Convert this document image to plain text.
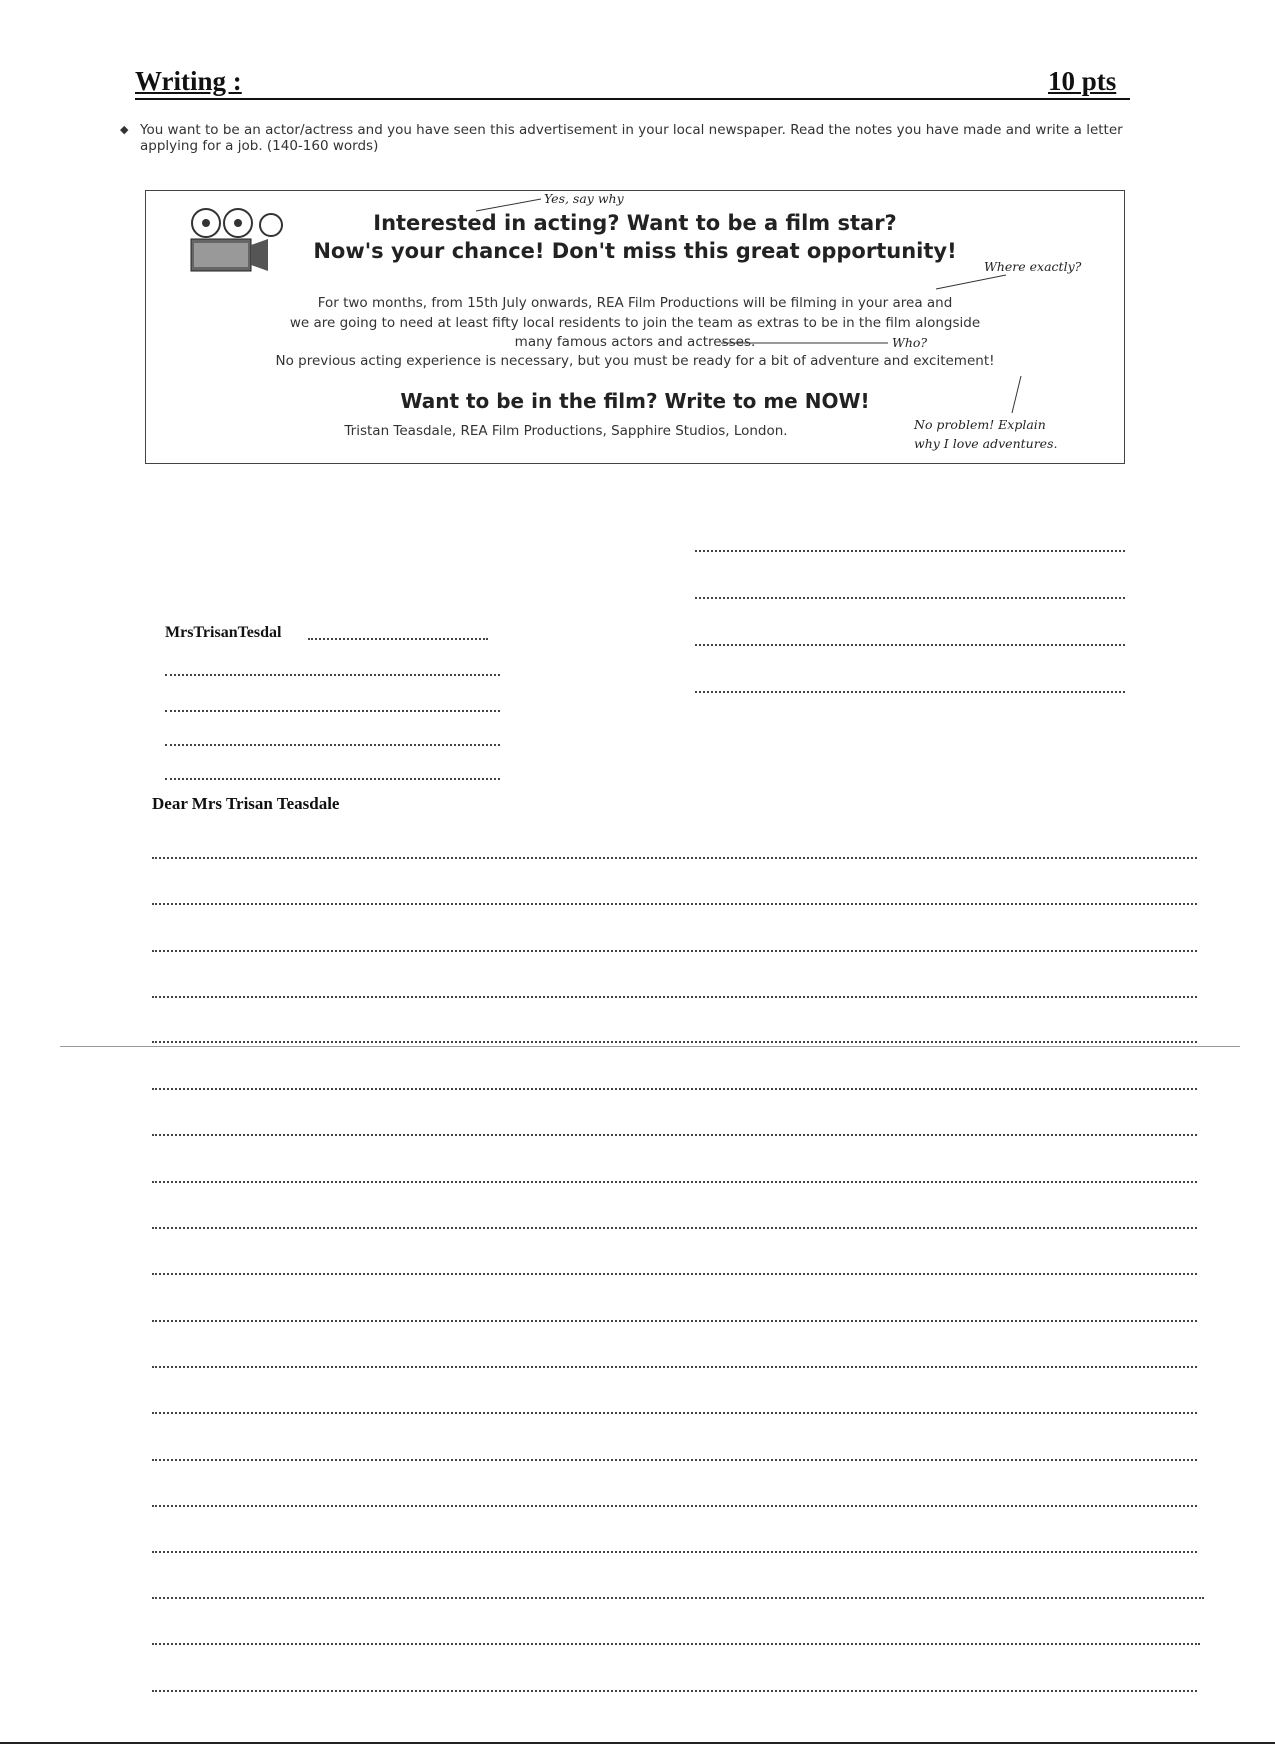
Writing :	10 pts
◆ You want to be an actor/actress and you have seen this advertisement in your local newspaper. Read the notes you have made and write a letter applying for a job. (140-160 words)
Interested in acting? Want to be a film star?
Now's your chance! Don't miss this great opportunity!
For two months, from 15th July onwards, REA Film Productions will be filming in your area and
we are going to need at least fifty local residents to join the team as extras to be in the film alongside
many famous actors and actresses.
No previous acting experience is necessary, but you must be ready for a bit of adventure and excitement!
Want to be in the film? Write to me NOW!
Tristan Teasdale, REA Film Productions, Sapphire Studios, London.
Yes, say why
Where exactly?
Who?
No problem! Explain
why I love adventures.
MrsTrisanTesdal
Dear Mrs Trisan Teasdale
